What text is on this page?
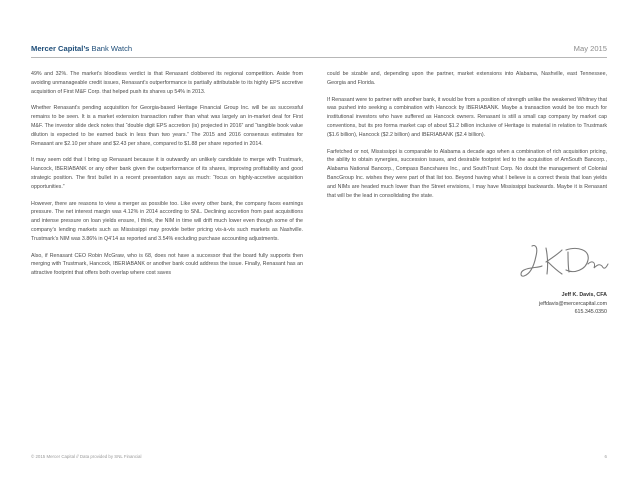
Mercer Capital’s Bank Watch	May 2015

49% and 32%. The market’s bloodless verdict is that Renasant clobbered its regional competition. Aside from avoiding unmanageable credit issues, Renasant’s outperformance is partially attributable to its highly EPS accretive acquisition of First M&F Corp. that helped push its shares up 54% in 2013.

Whether Renasant’s pending acquisition for Georgia-based Heritage Financial Group Inc. will be as successful remains to be seen. It is a market extension transaction rather than what was largely an in-market deal for First M&F. The investor slide deck notes that “double digit EPS accretion (is) projected in 2016” and “tangible book value dilution is expected to be earned back in less than two years.” The 2015 and 2016 consensus estimates for Renasant are $2.10 per share and $2.43 per share, compared to $1.88 per share reported in 2014.

It may seem odd that I bring up Renasant because it is outwardly an unlikely candidate to merge with Trustmark, Hancock, IBERIABANK or any other bank given the outperformance of its shares, improving profitability and good strategic position. The first bullet in a recent presentation says as much: “focus on highly-accretive acquisition opportunities.”

However, there are reasons to view a merger as possible too. Like every other bank, the company faces earnings pressure. The net interest margin was 4.12% in 2014 according to SNL. Declining accretion from past acquisitions and intense pressure on loan yields ensure, I think, the NIM in time will drift much lower even though some of the company’s lending markets such as Mississippi may provide better pricing vis-à-vis such markets as Nashville. Trustmark’s NIM was 3.86% in Q4’14 as reported and 3.54% excluding purchase accounting adjustments.

Also, if Renasant CEO Robin McGraw, who is 68, does not have a successor that the board fully supports then merging with Trustmark, Hancock, IBERIABANK or another bank could address the issue. Finally, Renasant has an attractive footprint that offers both overlap where cost saves

could be sizable and, depending upon the partner, market extensions into Alabama, Nashville, east Tennessee, Georgia and Florida.

If Renasant were to partner with another bank, it would be from a position of strength unlike the weakened Whitney that was pushed into seeking a combination with Hancock by IBERIABANK. Maybe a transaction would be too much for institutional investors who have suffered as Hancock owners. Renasant is still a small cap company by market cap conventions, but its pro forma market cap of about $1.2 billion inclusive of Heritage is material in relation to Trustmark ($1.6 billion), Hancock ($2.2 billion) and IBERIABANK ($2.4 billion).

Farfetched or not, Mississippi is comparable to Alabama a decade ago when a combination of rich acquisition pricing, the ability to obtain synergies, succession issues, and desirable footprint led to the acquisition of AmSouth Bancorp., Alabama National Bancorp., Compass Bancshares Inc., and SouthTrust Corp. No doubt the management of Colonial BancGroup Inc. wishes they were part of that list too. Beyond having what I believe is a correct thesis that loan yields and NIMs are headed much lower than the Street envisions, I may have Mississippi backwards. Maybe it is Renasant that will be the lead in consolidating the state.

Jeff K. Davis, CFA
jeffdavis@mercercapital.com
615.345.0350
© 2015 Mercer Capital // Data provided by SNL Financial	6
